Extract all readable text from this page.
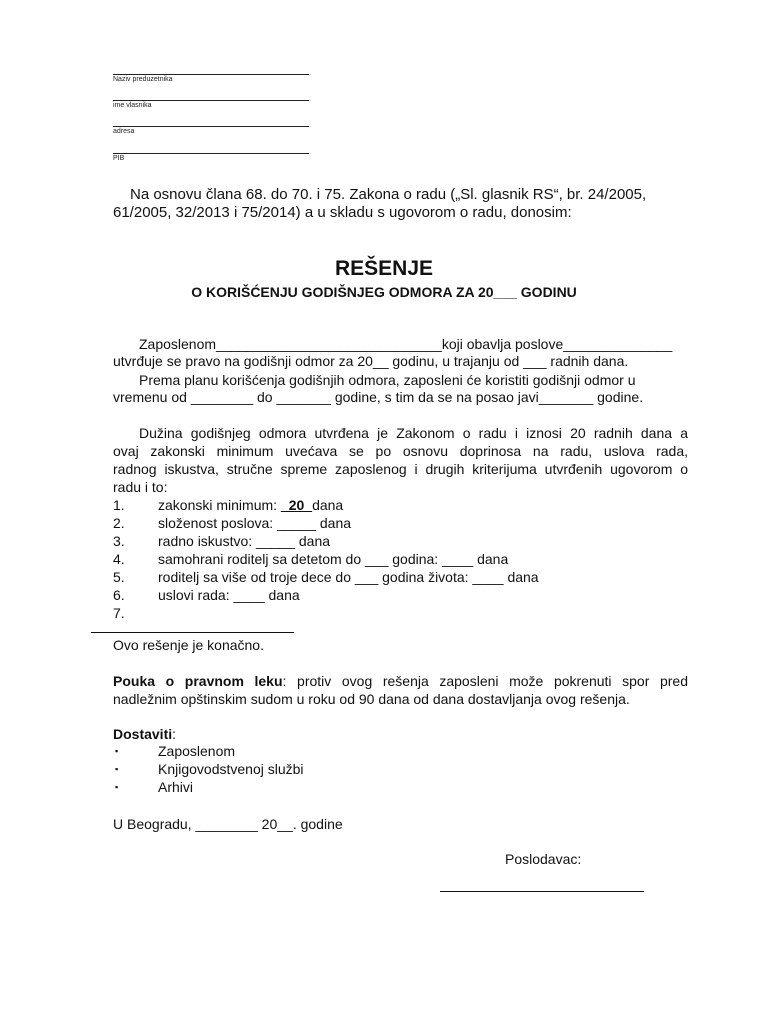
Naziv preduzetnika
ime vlasnika
adresa
PIB
Na osnovu člana 68. do 70. i 75. Zakona o radu („Sl. glasnik RS“, br. 24/2005,
61/2005, 32/2013 i 75/2014) a u skladu s ugovorom o radu, donosim:
REŠENJE
O KORIŠĆENJU GODIŠNJEG ODMORA ZA 20___ GODINU
Zaposlenom_____________________________koji obavlja poslove______________
utvrđuje se pravo na godišnji odmor za 20__ godinu, u trajanju od ___ radnih dana.
Prema planu korišćenja godišnjih odmora, zaposleni će koristiti godišnji odmor u
vremenu od ________ do _______ godine, s tim da se na posao javi_______ godine.
Dužina godišnjeg odmora utvrđena je Zakonom o radu i iznosi 20 radnih dana a
ovaj zakonski minimum uvećava se po osnovu doprinosa na radu, uslova rada,
radnog iskustva, stručne spreme zaposlenog i drugih kriterijuma utvrđenih ugovorom o
radu i to:
1. zakonski minimum: _20_dana
2. složenost poslova: _____ dana
3. radno iskustvo: _____ dana
4. samohrani roditelj sa detetom do ___ godina: ____ dana
5. roditelj sa više od troje dece do ___ godina života: ____ dana
6. uslovi rada: ____ dana
7.
Ovo rešenje je konačno.
Pouka o pravnom leku: protiv ovog rešenja zaposleni može pokrenuti spor pred
nadležnim opštinskim sudom u roku od 90 dana od dana dostavljanja ovog rešenja.
Dostaviti:
▪	Zaposlenom
▪	Knjigovodstvenoj službi
▪	Arhivi
U Beogradu, ________ 20__. godine
Poslodavac:
